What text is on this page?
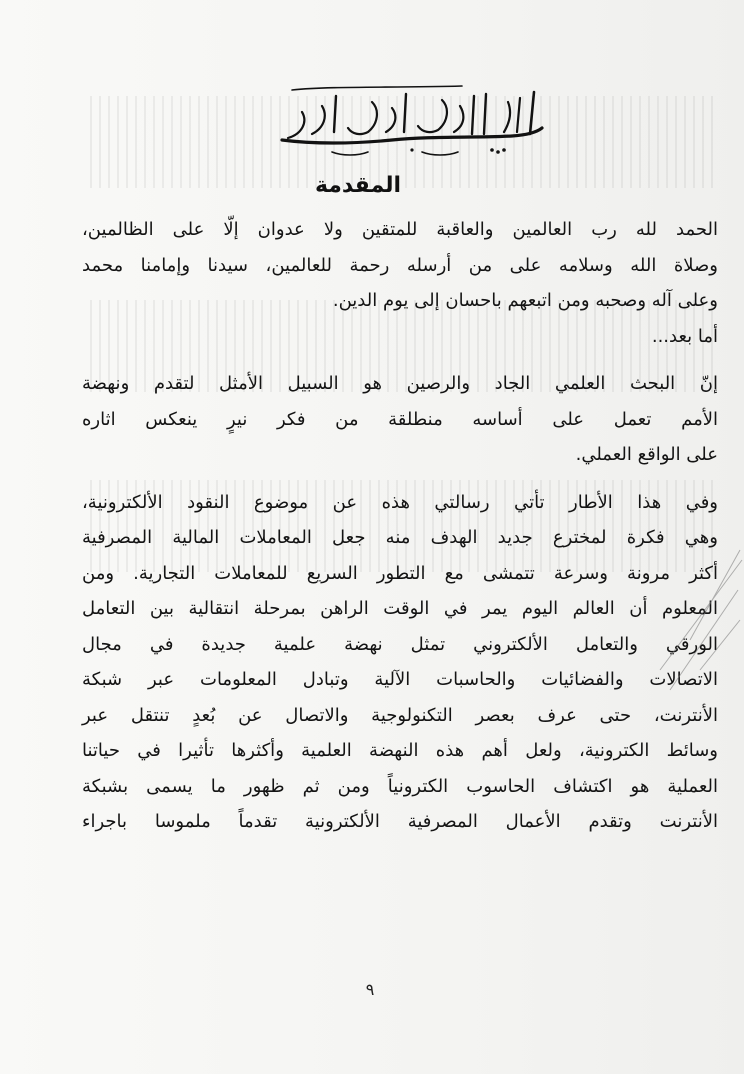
المقدمة
الحمد لله رب العالمين والعاقبة للمتقين ولا عدوان إلّا على الظالمين،
وصلاة الله وسلامه على من أرسله رحمة للعالمين، سيدنا وإمامنا محمد
وعلى آله وصحبه ومن اتبعهم باحسان إلى يوم الدين.
أما بعد...
إنّ البحث العلمي الجاد والرصين هو السبيل الأمثل لتقدم ونهضة
الأمم تعمل على أساسه منطلقة من فكر نيرٍ ينعكس اثاره
على الواقع العملي.
وفي هذا الأطار تأتي رسالتي هذه عن موضوع النقود الألكترونية،
وهي فكرة لمخترع جديد الهدف منه جعل المعاملات المالية المصرفية
أكثر مرونة وسرعة تتمشى مع التطور السريع للمعاملات التجارية. ومن
المعلوم أن العالم اليوم يمر في الوقت الراهن بمرحلة انتقالية بين التعامل
الورقي والتعامل الألكتروني تمثل نهضة علمية جديدة في مجال
الاتصالات والفضائيات والحاسبات الآلية وتبادل المعلومات عبر شبكة
الأنترنت، حتى عرف بعصر التكنولوجية والاتصال عن بُعدٍ تنتقل عبر
وسائط الكترونية، ولعل أهم هذه النهضة العلمية وأكثرها تأثيرا في حياتنا
العملية هو اكتشاف الحاسوب الكترونياً ومن ثم ظهور ما يسمى بشبكة
الأنترنت وتقدم الأعمال المصرفية الألكترونية تقدماً ملموسا باجراء
٩
